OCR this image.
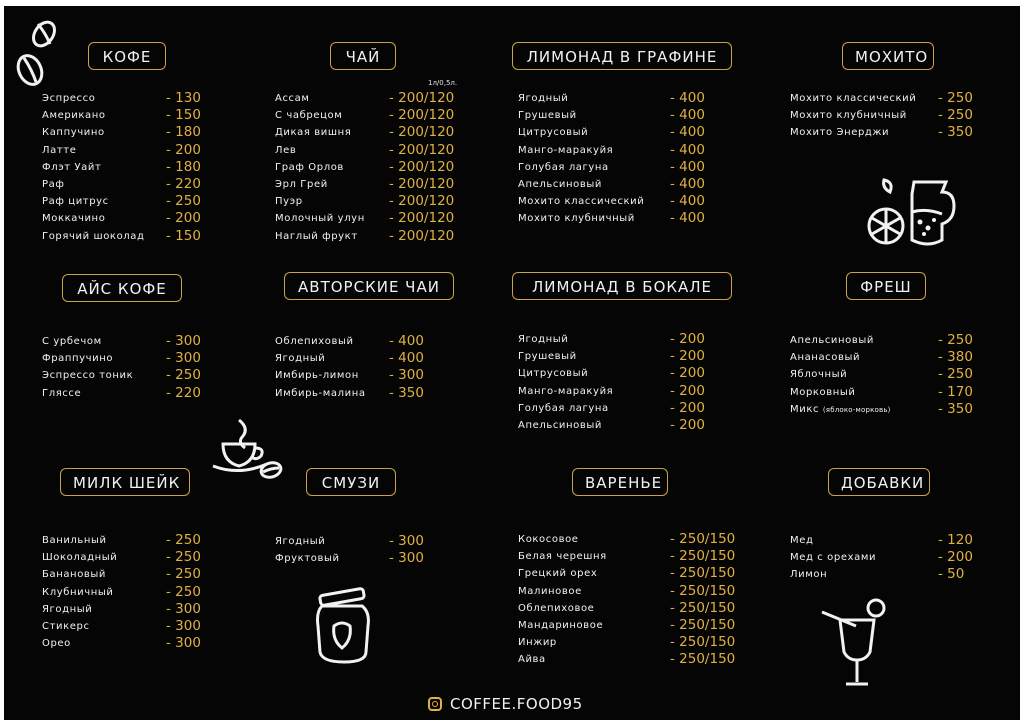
КОФЕ
Эспрессо	- 130
Американо	- 150
Каппучино	- 180
Латте	- 200
Флэт Уайт	- 180
Раф	- 220
Раф цитрус	- 250
Моккачино	- 200
Горячий шоколад - 150
ЧАЙ
1л/0,5л.
Ассам	- 200/120
С чабрецом	- 200/120
Дикая вишня	- 200/120
Лев	- 200/120
Граф Орлов	- 200/120
Эрл Грей	- 200/120
Пуэр	- 200/120
Молочный улун - 200/120
Наглый фрукт - 200/120
ЛИМОНАД В ГРАФИНЕ
Ягодный	- 400
Грушевый	- 400
Цитрусовый	- 400
Манго-маракуйя	- 400
Голубая лагуна	- 400
Апельсиновый	- 400
Мохито классический - 400
Мохито клубничный	- 400
МОХИТО
Мохито классический - 250
Мохито клубничный - 250
Мохито Энерджи	- 350
АЙС КОФЕ
С урбечом	- 300
Фраппучино	- 300
Эспрессо тоник - 250
Гляссе	- 220
АВТОРСКИЕ ЧАИ
Облепиховый	- 400
Ягодный	- 400
Имбирь-лимон - 300
Имбирь-малина - 350
ЛИМОНАД В БОКАЛЕ
Ягодный	- 200
Грушевый	- 200
Цитрусовый	- 200
Манго-маракуйя	- 200
Голубая лагуна	- 200
Апельсиновый	- 200
ФРЕШ
Апельсиновый	- 250
Ананасовый	- 380
Яблочный	- 250
Морковный	- 170
Микс (яблоко-морковь)	- 350
МИЛК ШЕЙК
Ванильный	- 250
Шоколадный	- 250
Банановый	- 250
Клубничный	- 250
Ягодный	- 300
Стикерс	- 300
Орео	- 300
СМУЗИ
Ягодный	- 300
Фруктовый	- 300
ВАРЕНЬЕ
Кокосовое	- 250/150
Белая черешня	- 250/150
Грецкий орех	- 250/150
Малиновое	- 250/150
Облепиховое	- 250/150
Мандариновое	- 250/150
Инжир	- 250/150
Айва	- 250/150
ДОБАВКИ
Мед	- 120
Мед с орехами	- 200
Лимон	- 50
COFFEE.FOOD95
